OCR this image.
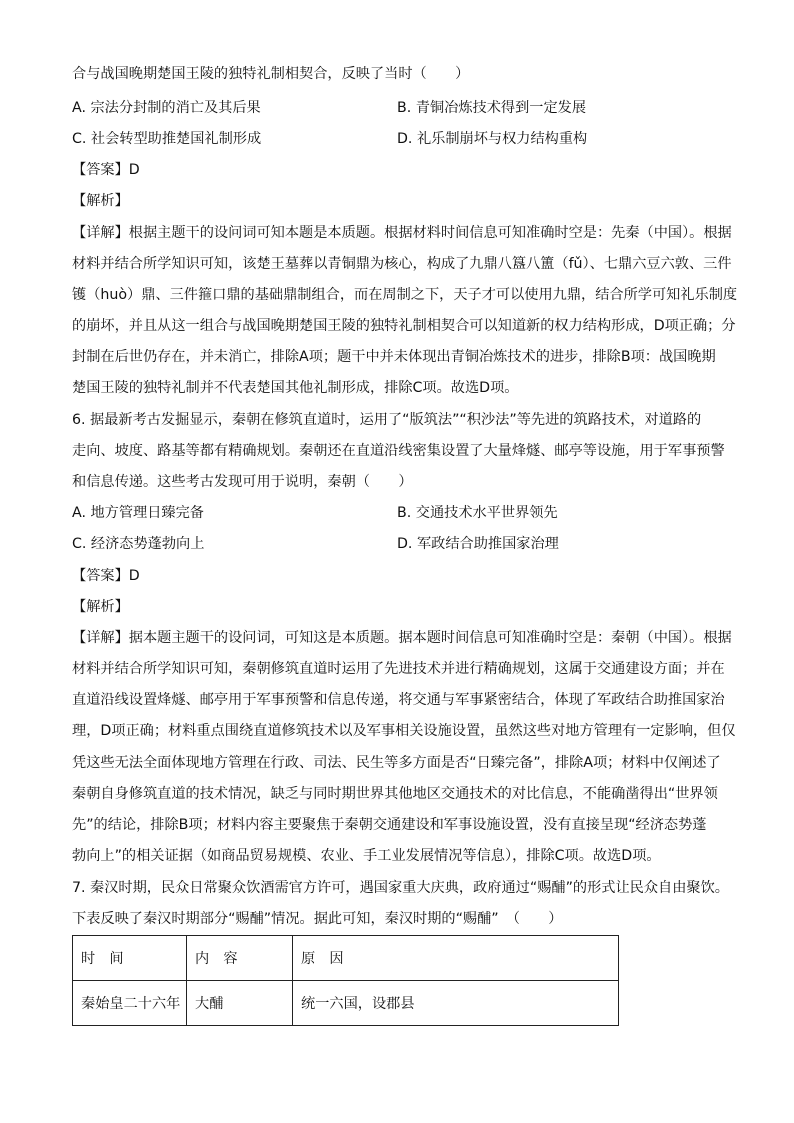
合与战国晚期楚国王陵的独特礼制相契合，反映了当时（　　）
A. 宗法分封制的消亡及其后果	B. 青铜冶炼技术得到一定发展
C. 社会转型助推楚国礼制形成	D. 礼乐制崩坏与权力结构重构
【答案】D
【解析】
【详解】根据主题干的设问词可知本题是本质题。根据材料时间信息可知准确时空是：先秦（中国）。根据
材料并结合所学知识可知，该楚王墓葬以青铜鼎为核心，构成了九鼎八簋八簠（fǔ）、七鼎六豆六敦、三件
镬（huò）鼎、三件箍口鼎的基础鼎制组合，而在周制之下，天子才可以使用九鼎，结合所学可知礼乐制度
的崩坏，并且从这一组合与战国晚期楚国王陵的独特礼制相契合可以知道新的权力结构形成，D项正确；分
封制在后世仍存在，并未消亡，排除A项；题干中并未体现出青铜冶炼技术的进步，排除B项：战国晚期
楚国王陵的独特礼制并不代表楚国其他礼制形成，排除C项。故选D项。
6. 据最新考古发掘显示，秦朝在修筑直道时，运用了“版筑法”“积沙法”等先进的筑路技术，对道路的
走向、坡度、路基等都有精确规划。秦朝还在直道沿线密集设置了大量烽燧、邮亭等设施，用于军事预警
和信息传递。这些考古发现可用于说明，秦朝（　　）
A. 地方管理日臻完备	B. 交通技术水平世界领先
C. 经济态势蓬勃向上	D. 军政结合助推国家治理
【答案】D
【解析】
【详解】据本题主题干的设问词，可知这是本质题。据本题时间信息可知准确时空是：秦朝（中国）。根据
材料并结合所学知识可知，秦朝修筑直道时运用了先进技术并进行精确规划，这属于交通建设方面；并在
直道沿线设置烽燧、邮亭用于军事预警和信息传递，将交通与军事紧密结合，体现了军政结合助推国家治
理，D项正确；材料重点围绕直道修筑技术以及军事相关设施设置，虽然这些对地方管理有一定影响，但仅
凭这些无法全面体现地方管理在行政、司法、民生等多方面是否“日臻完备”，排除A项；材料中仅阐述了
秦朝自身修筑直道的技术情况，缺乏与同时期世界其他地区交通技术的对比信息，不能确凿得出“世界领
先”的结论，排除B项；材料内容主要聚焦于秦朝交通建设和军事设施设置，没有直接呈现“经济态势蓬
勃向上”的相关证据（如商品贸易规模、农业、手工业发展情况等信息），排除C项。故选D项。
7. 秦汉时期，民众日常聚众饮酒需官方许可，遇国家重大庆典，政府通过“赐酺”的形式让民众自由聚饮。
下表反映了秦汉时期部分“赐酺”情况。据此可知，秦汉时期的“赐酺”　（　　）
时　间	内　容	原　因
秦始皇二十六年	大酺	统一六国，设郡县
